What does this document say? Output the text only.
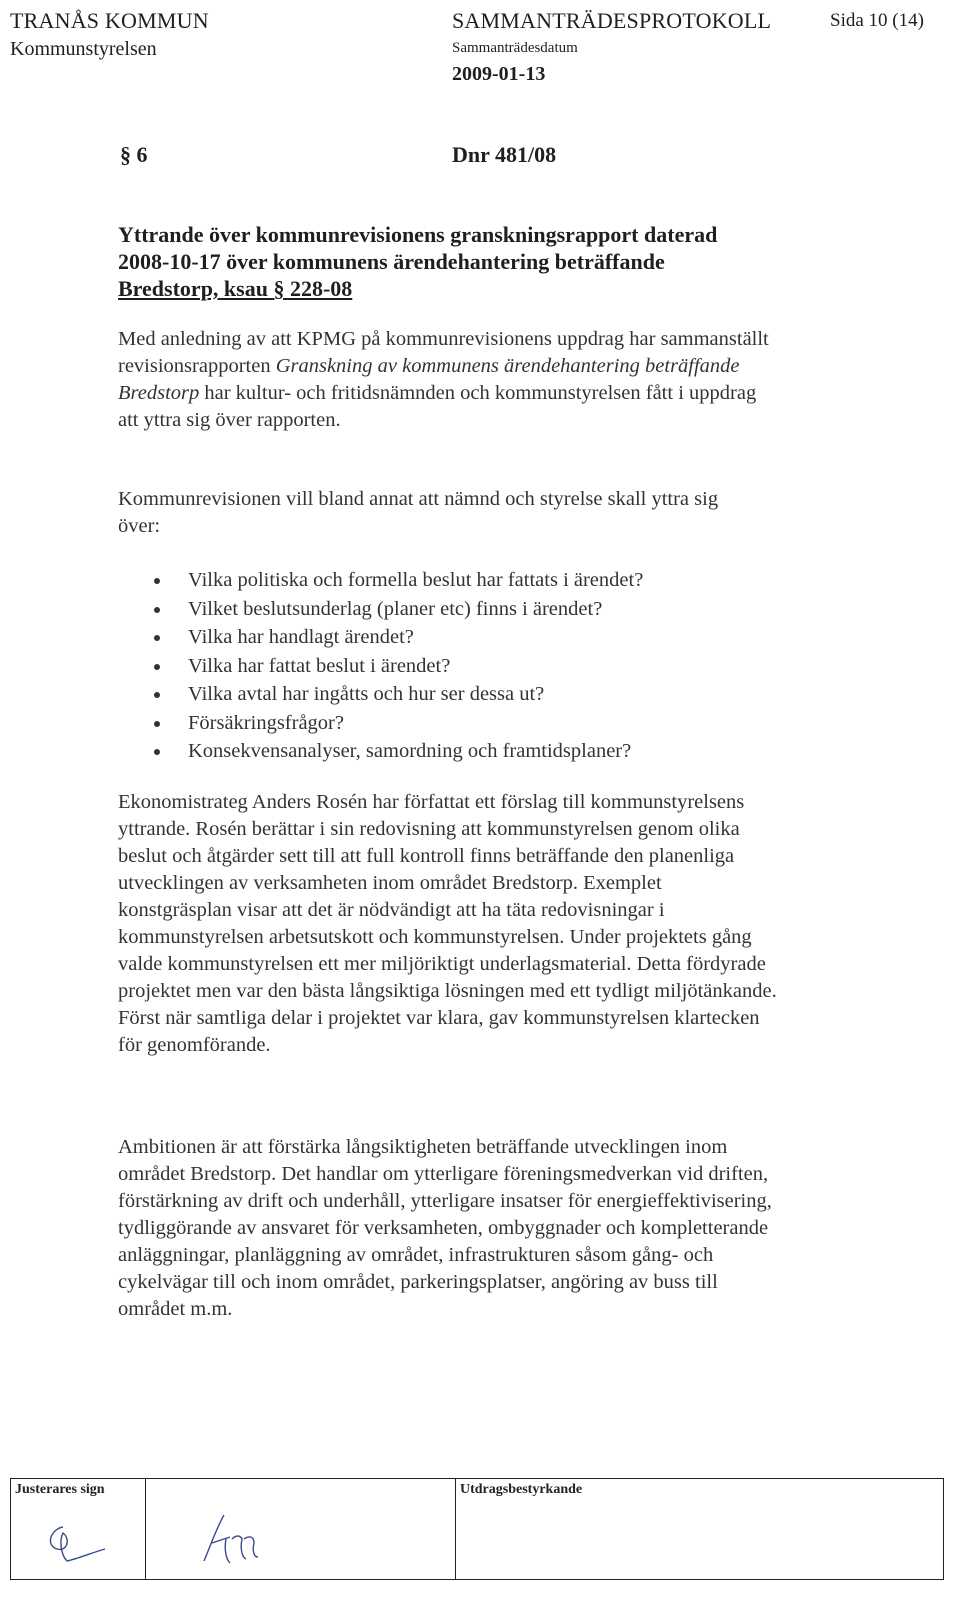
TRANÅS KOMMUN
Kommunstyrelsen
SAMMANTRÄDESPROTOKOLL
Sammanträdesdatum
2009-01-13
Sida 10 (14)
§ 6	Dnr 481/08
Yttrande över kommunrevisionens granskningsrapport daterad
2008-10-17 över kommunens ärendehantering beträffande
Bredstorp, ksau § 228-08
Med anledning av att KPMG på kommunrevisionens uppdrag har sammanställt revisionsrapporten Granskning av kommunens ärendehantering beträffande Bredstorp har kultur- och fritidsnämnden och kommunstyrelsen fått i uppdrag att yttra sig över rapporten.
Kommunrevisionen vill bland annat att nämnd och styrelse skall yttra sig över:
Vilka politiska och formella beslut har fattats i ärendet?
Vilket beslutsunderlag (planer etc) finns i ärendet?
Vilka har handlagt ärendet?
Vilka har fattat beslut i ärendet?
Vilka avtal har ingåtts och hur ser dessa ut?
Försäkringsfrågor?
Konsekvensanalyser, samordning och framtidsplaner?
Ekonomistrateg Anders Rosén har författat ett förslag till kommunstyrelsens yttrande. Rosén berättar i sin redovisning att kommunstyrelsen genom olika beslut och åtgärder sett till att full kontroll finns beträffande den planenliga utvecklingen av verksamheten inom området Bredstorp. Exemplet konstgräsplan visar att det är nödvändigt att ha täta redovisningar i kommunstyrelsen arbetsutskott och kommunstyrelsen. Under projektets gång valde kommunstyrelsen ett mer miljöriktigt underlagsmaterial. Detta fördyrade projektet men var den bästa långsiktiga lösningen med ett tydligt miljötänkande. Först när samtliga delar i projektet var klara, gav kommunstyrelsen klartecken för genomförande.
Ambitionen är att förstärka långsiktigheten beträffande utvecklingen inom området Bredstorp. Det handlar om ytterligare föreningsmedverkan vid driften, förstärkning av drift och underhåll, ytterligare insatser för energieffektivisering, tydliggörande av ansvaret för verksamheten, ombyggnader och kompletterande anläggningar, planläggning av området, infrastrukturen såsom gång- och cykelvägar till och inom området, parkeringsplatser, angöring av buss till området m.m.
Justerares sign	Utdragsbestyrkande
